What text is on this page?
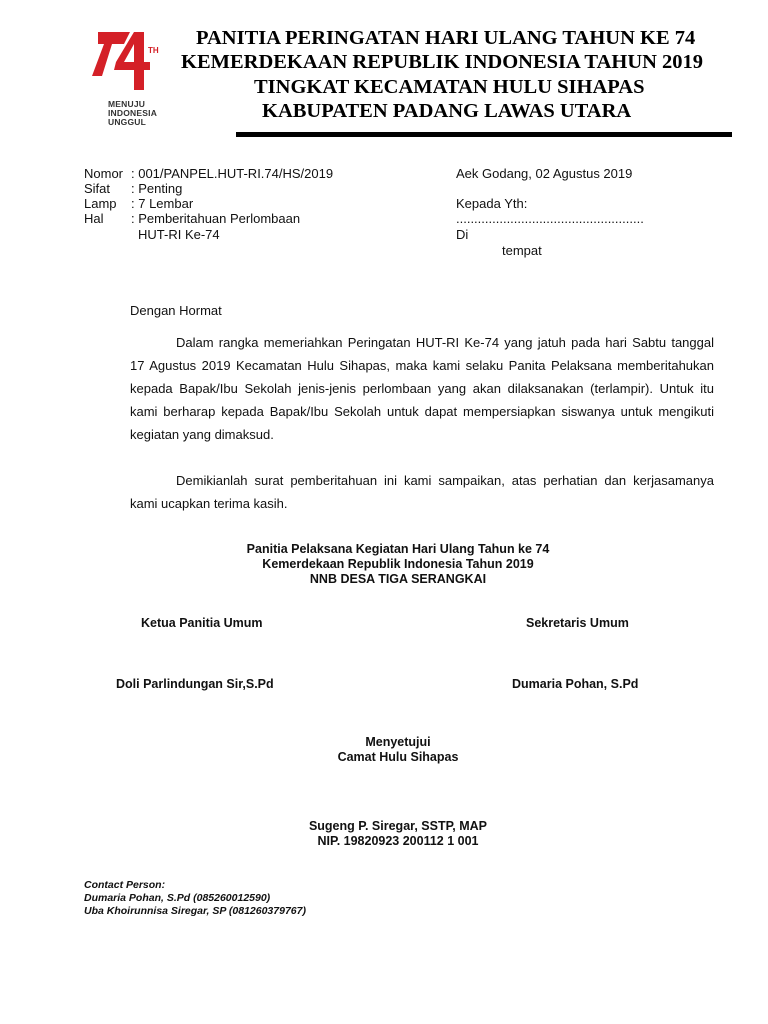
TH
MENUJU
INDONESIA
UNGGUL
PANITIA PERINGATAN HARI ULANG TAHUN KE 74
KEMERDEKAAN REPUBLIK INDONESIA TAHUN 2019
TINGKAT KECAMATAN HULU SIHAPAS
KABUPATEN PADANG LAWAS UTARA
Nomor : 001/PANPEL.HUT-RI.74/HS/2019
Sifat : Penting
Lamp : 7 Lembar
Hal : Pemberitahuan Perlombaan
HUT-RI Ke-74
Aek Godang, 02 Agustus 2019
Kepada Yth:
....................................................
Di
tempat
Dengan Hormat
Dalam rangka memeriahkan Peringatan HUT-RI Ke-74 yang jatuh pada hari Sabtu tanggal 17 Agustus 2019 Kecamatan Hulu Sihapas, maka kami selaku Panita Pelaksana memberitahukan kepada Bapak/Ibu Sekolah jenis-jenis perlombaan yang akan dilaksanakan (terlampir). Untuk itu kami berharap kepada Bapak/Ibu Sekolah untuk dapat mempersiapkan siswanya untuk mengikuti kegiatan yang dimaksud.
Demikianlah surat pemberitahuan ini kami sampaikan, atas perhatian dan kerjasamanya kami ucapkan terima kasih.
Panitia Pelaksana Kegiatan Hari Ulang Tahun ke 74
Kemerdekaan Republik Indonesia Tahun 2019
NNB DESA TIGA SERANGKAI
Ketua Panitia Umum	Sekretaris Umum
Doli Parlindungan Sir,S.Pd	Dumaria Pohan, S.Pd
Menyetujui
Camat Hulu Sihapas
Sugeng P. Siregar, SSTP, MAP
NIP. 19820923 200112 1 001
Contact Person:
Dumaria Pohan, S.Pd (085260012590)
Uba Khoirunnisa Siregar, SP (081260379767)
